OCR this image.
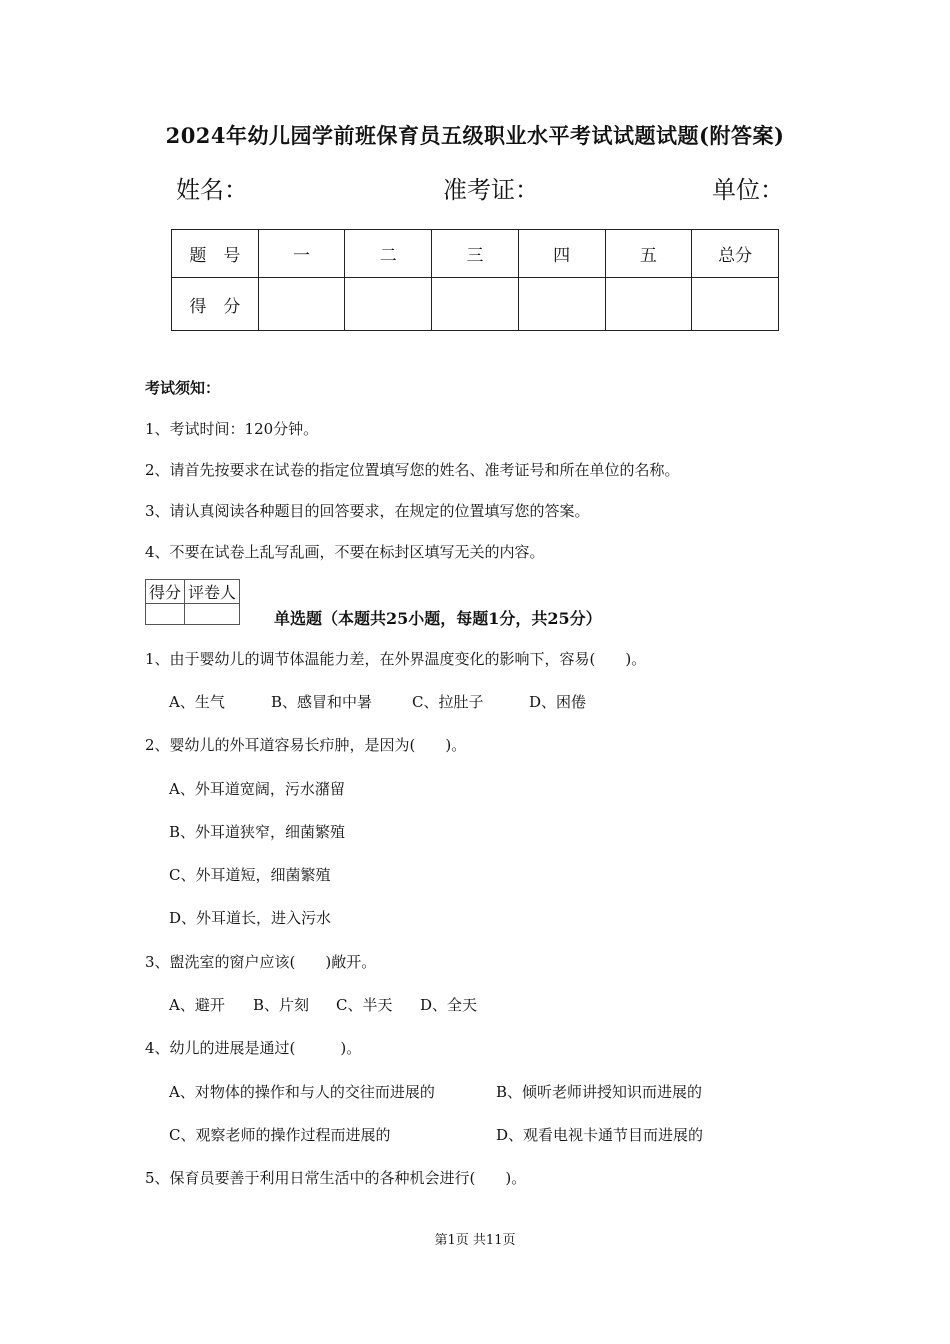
2024年幼儿园学前班保育员五级职业水平考试试题试题(附答案)
姓名：	准考证：	单位：
题　号	一	二	三	四	五	总分
得　分						
考试须知：
1、考试时间：120分钟。
2、请首先按要求在试卷的指定位置填写您的姓名、准考证号和所在单位的名称。
3、请认真阅读各种题目的回答要求，在规定的位置填写您的答案。
4、不要在试卷上乱写乱画，不要在标封区填写无关的内容。
得分	评卷人

单选题（本题共25小题，每题1分，共25分）
1、由于婴幼儿的调节体温能力差，在外界温度变化的影响下，容易(　　)。
A、生气	B、感冒和中暑	C、拉肚子	D、困倦
2、婴幼儿的外耳道容易长疖肿，是因为(　　)。
A、外耳道宽阔，污水潴留
B、外耳道狭窄，细菌繁殖
C、外耳道短，细菌繁殖
D、外耳道长，进入污水
3、盥洗室的窗户应该(　　)敞开。
A、避开 B、片刻 C、半天 D、全天
4、幼儿的进展是通过(　　　)。
A、对物体的操作和与人的交往而进展的	B、倾听老师讲授知识而进展的
C、观察老师的操作过程而进展的	D、观看电视卡通节目而进展的
5、保育员要善于利用日常生活中的各种机会进行(　　)。
第1页 共11页
